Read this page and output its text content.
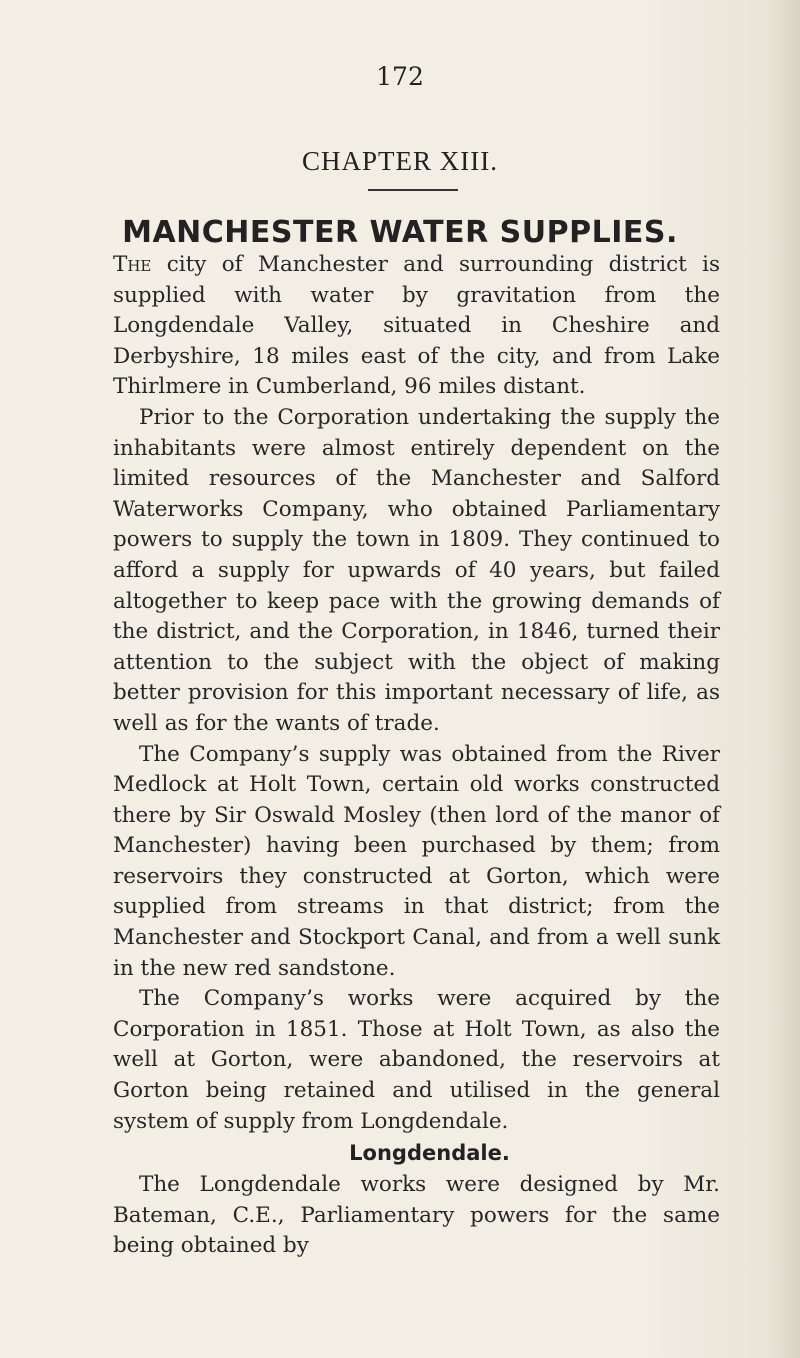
172
CHAPTER XIII.
MANCHESTER WATER SUPPLIES.

The city of Manchester and surrounding district is supplied with water by gravitation from the Longdendale Valley, situated in Cheshire and Derbyshire, 18 miles east of the city, and from Lake Thirlmere in Cumberland, 96 miles distant.

Prior to the Corporation undertaking the supply the inhabitants were almost entirely dependent on the limited resources of the Manchester and Salford Waterworks Company, who obtained Parliamentary powers to supply the town in 1809. They continued to afford a supply for upwards of 40 years, but failed altogether to keep pace with the growing demands of the district, and the Corporation, in 1846, turned their attention to the subject with the object of making better provision for this important necessary of life, as well as for the wants of trade.

The Company’s supply was obtained from the River Medlock at Holt Town, certain old works constructed there by Sir Oswald Mosley (then lord of the manor of Manchester) having been purchased by them; from reservoirs they constructed at Gorton, which were supplied from streams in that district; from the Manchester and Stockport Canal, and from a well sunk in the new red sandstone.

The Company’s works were acquired by the Corporation in 1851. Those at Holt Town, as also the well at Gorton, were abandoned, the reservoirs at Gorton being retained and utilised in the general system of supply from Longdendale.

Longdendale.

The Longdendale works were designed by Mr. Bateman, C.E., Parliamentary powers for the same being obtained by
